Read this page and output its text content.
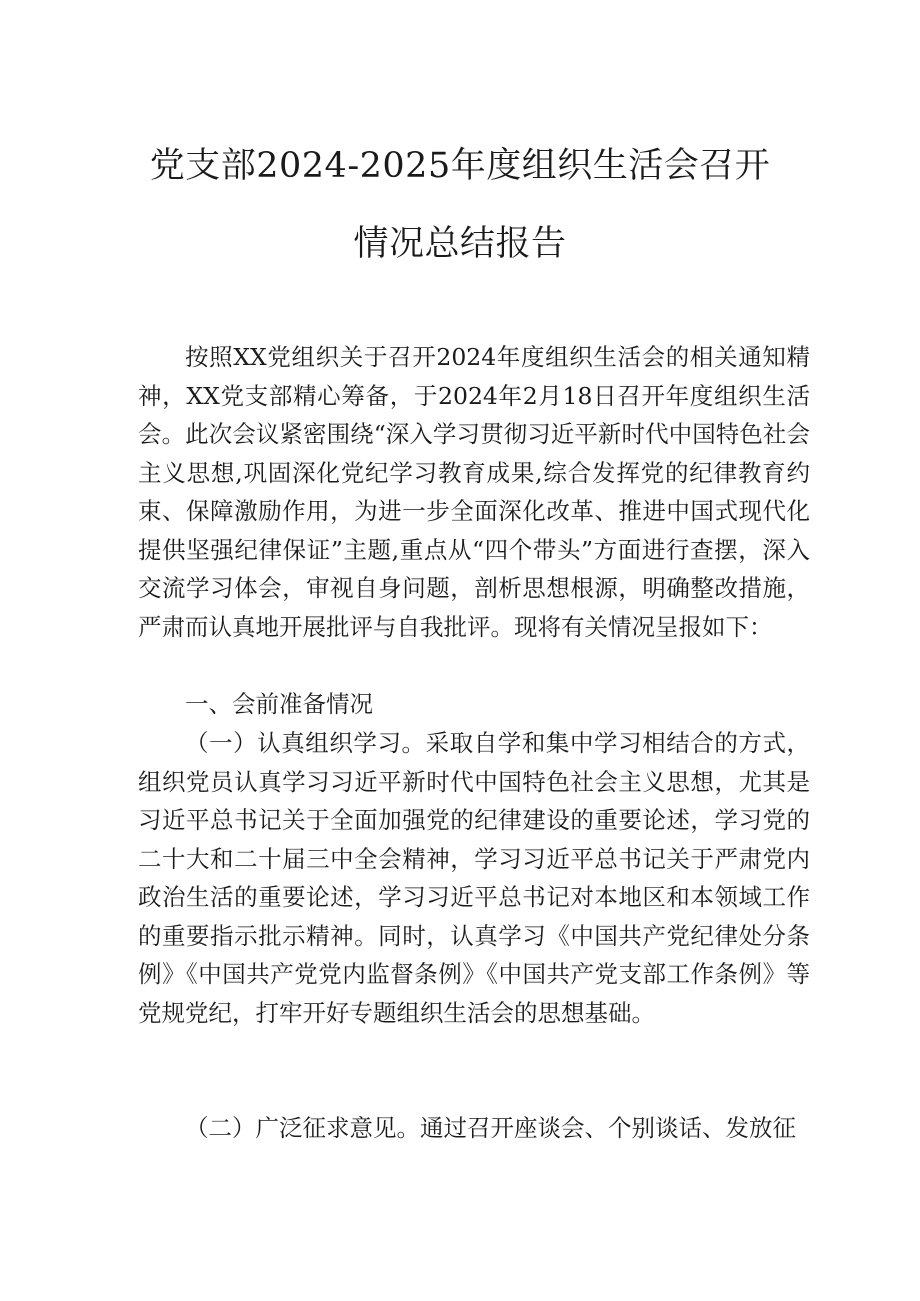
党支部2024-2025年度组织生活会召开
情况总结报告
按照XX党组织关于召开2024年度组织生活会的相关通知精神，XX党支部精心筹备，于2024年2月18日召开年度组织生活会。此次会议紧密围绕“深入学习贯彻习近平新时代中国特色社会主义思想,巩固深化党纪学习教育成果,综合发挥党的纪律教育约束、保障激励作用，为进一步全面深化改革、推进中国式现代化提供坚强纪律保证”主题,重点从“四个带头”方面进行查摆，深入交流学习体会，审视自身问题，剖析思想根源，明确整改措施，严肃而认真地开展批评与自我批评。现将有关情况呈报如下：
一、会前准备情况
（一）认真组织学习。采取自学和集中学习相结合的方式，组织党员认真学习习近平新时代中国特色社会主义思想，尤其是习近平总书记关于全面加强党的纪律建设的重要论述，学习党的二十大和二十届三中全会精神，学习习近平总书记关于严肃党内政治生活的重要论述，学习习近平总书记对本地区和本领域工作的重要指示批示精神。同时，认真学习《中国共产党纪律处分条例》《中国共产党党内监督条例》《中国共产党支部工作条例》等党规党纪，打牢开好专题组织生活会的思想基础。
（二）广泛征求意见。通过召开座谈会、个别谈话、发放征
